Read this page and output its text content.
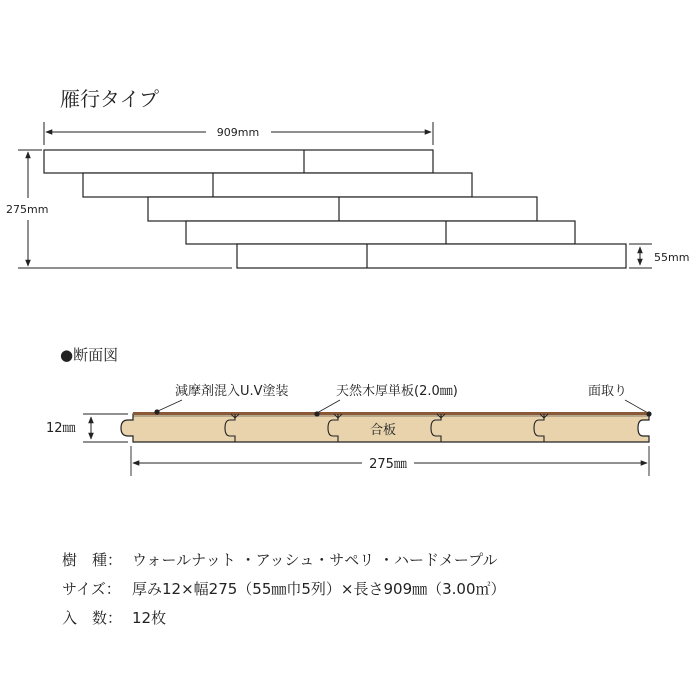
雁行タイプ
909mm
275mm
55mm
●断面図
減摩剤混入U.V塗装	天然木厚単板(2.0㎜)	面取り
合板
12㎜
275㎜
樹　種： ウォールナット ・アッシュ・サペリ ・ハードメープル
サイズ： 厚み12×幅275（55㎜巾5列）×長さ909㎜（3.00㎡）
入　数： 12枚
